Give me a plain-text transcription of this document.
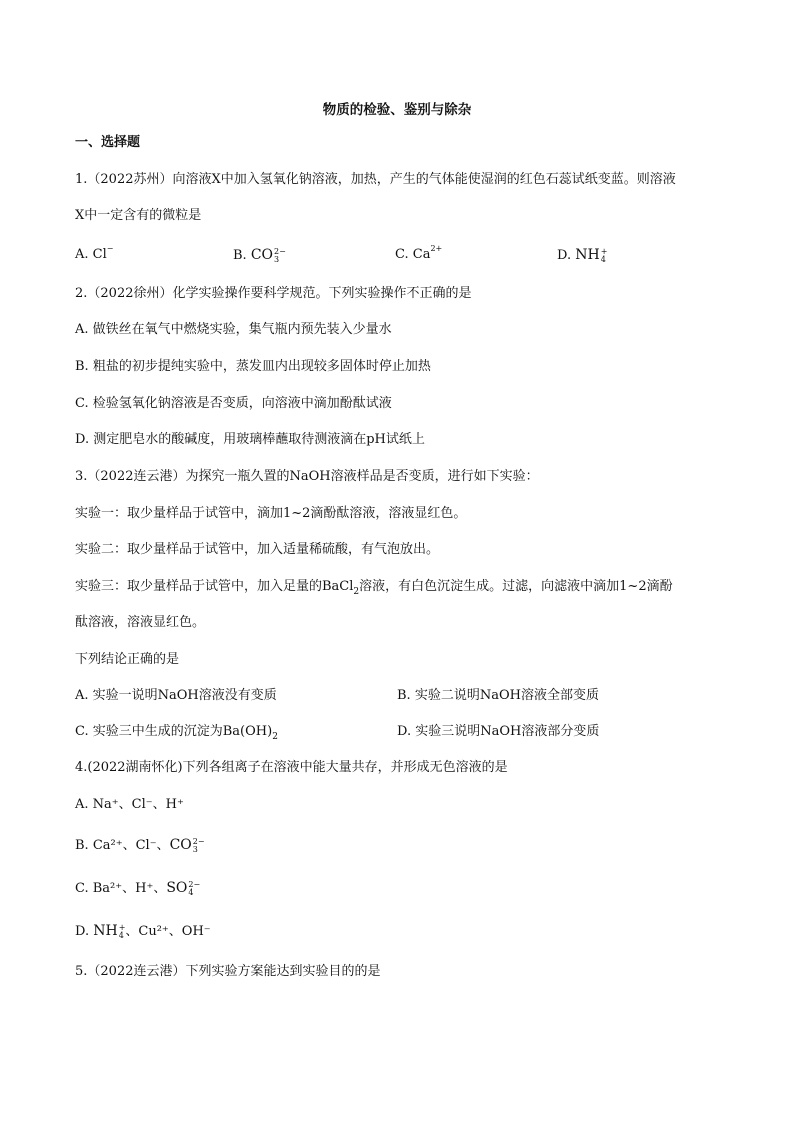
物质的检验、鉴别与除杂
一、选择题
1.（2022苏州）向溶液X中加入氢氧化钠溶液，加热，产生的气体能使湿润的红色石蕊试纸变蓝。则溶液
X中一定含有的微粒是
A. Cl−	B. CO 2−
3	C. $Ca^{2+}$	D. NH +
4
2.（2022徐州）化学实验操作要科学规范。下列实验操作不正确的是
A. 做铁丝在氧气中燃烧实验，集气瓶内预先装入少量水
B. 粗盐的初步提纯实验中，蒸发皿内出现较多固体时停止加热
C. 检验氢氧化钠溶液是否变质，向溶液中滴加酚酞试液
D. 测定肥皂水的酸碱度，用玻璃棒蘸取待测液滴在pH试纸上
3.（2022连云港）为探究一瓶久置的NaOH溶液样品是否变质，进行如下实验：
实验一：取少量样品于试管中，滴加1~2滴酚酞溶液，溶液显红色。
实验二：取少量样品于试管中，加入适量稀硫酸，有气泡放出。
实验三：取少量样品于试管中，加入足量的BaCl$_2$溶液，有白色沉淀生成。过滤，向滤液中滴加1~2滴酚
酞溶液，溶液显红色。
下列结论正确的是
A. 实验一说明NaOH溶液没有变质	B. 实验二说明NaOH溶液全部变质
C. 实验三中生成的沉淀为$Ba(OH)_2$	D. 实验三说明NaOH溶液部分变质
4.(2022湖南怀化)下列各组离子在溶液中能大量共存，并形成无色溶液的是
A. Na⁺、Cl⁻、H⁺
B. Ca²⁺、Cl⁻、CO 2−
3
C. Ba²⁺、H⁺、SO 2−
4
D. NH +
4 、Cu²⁺、OH⁻
5.（2022连云港）下列实验方案能达到实验目的的是
